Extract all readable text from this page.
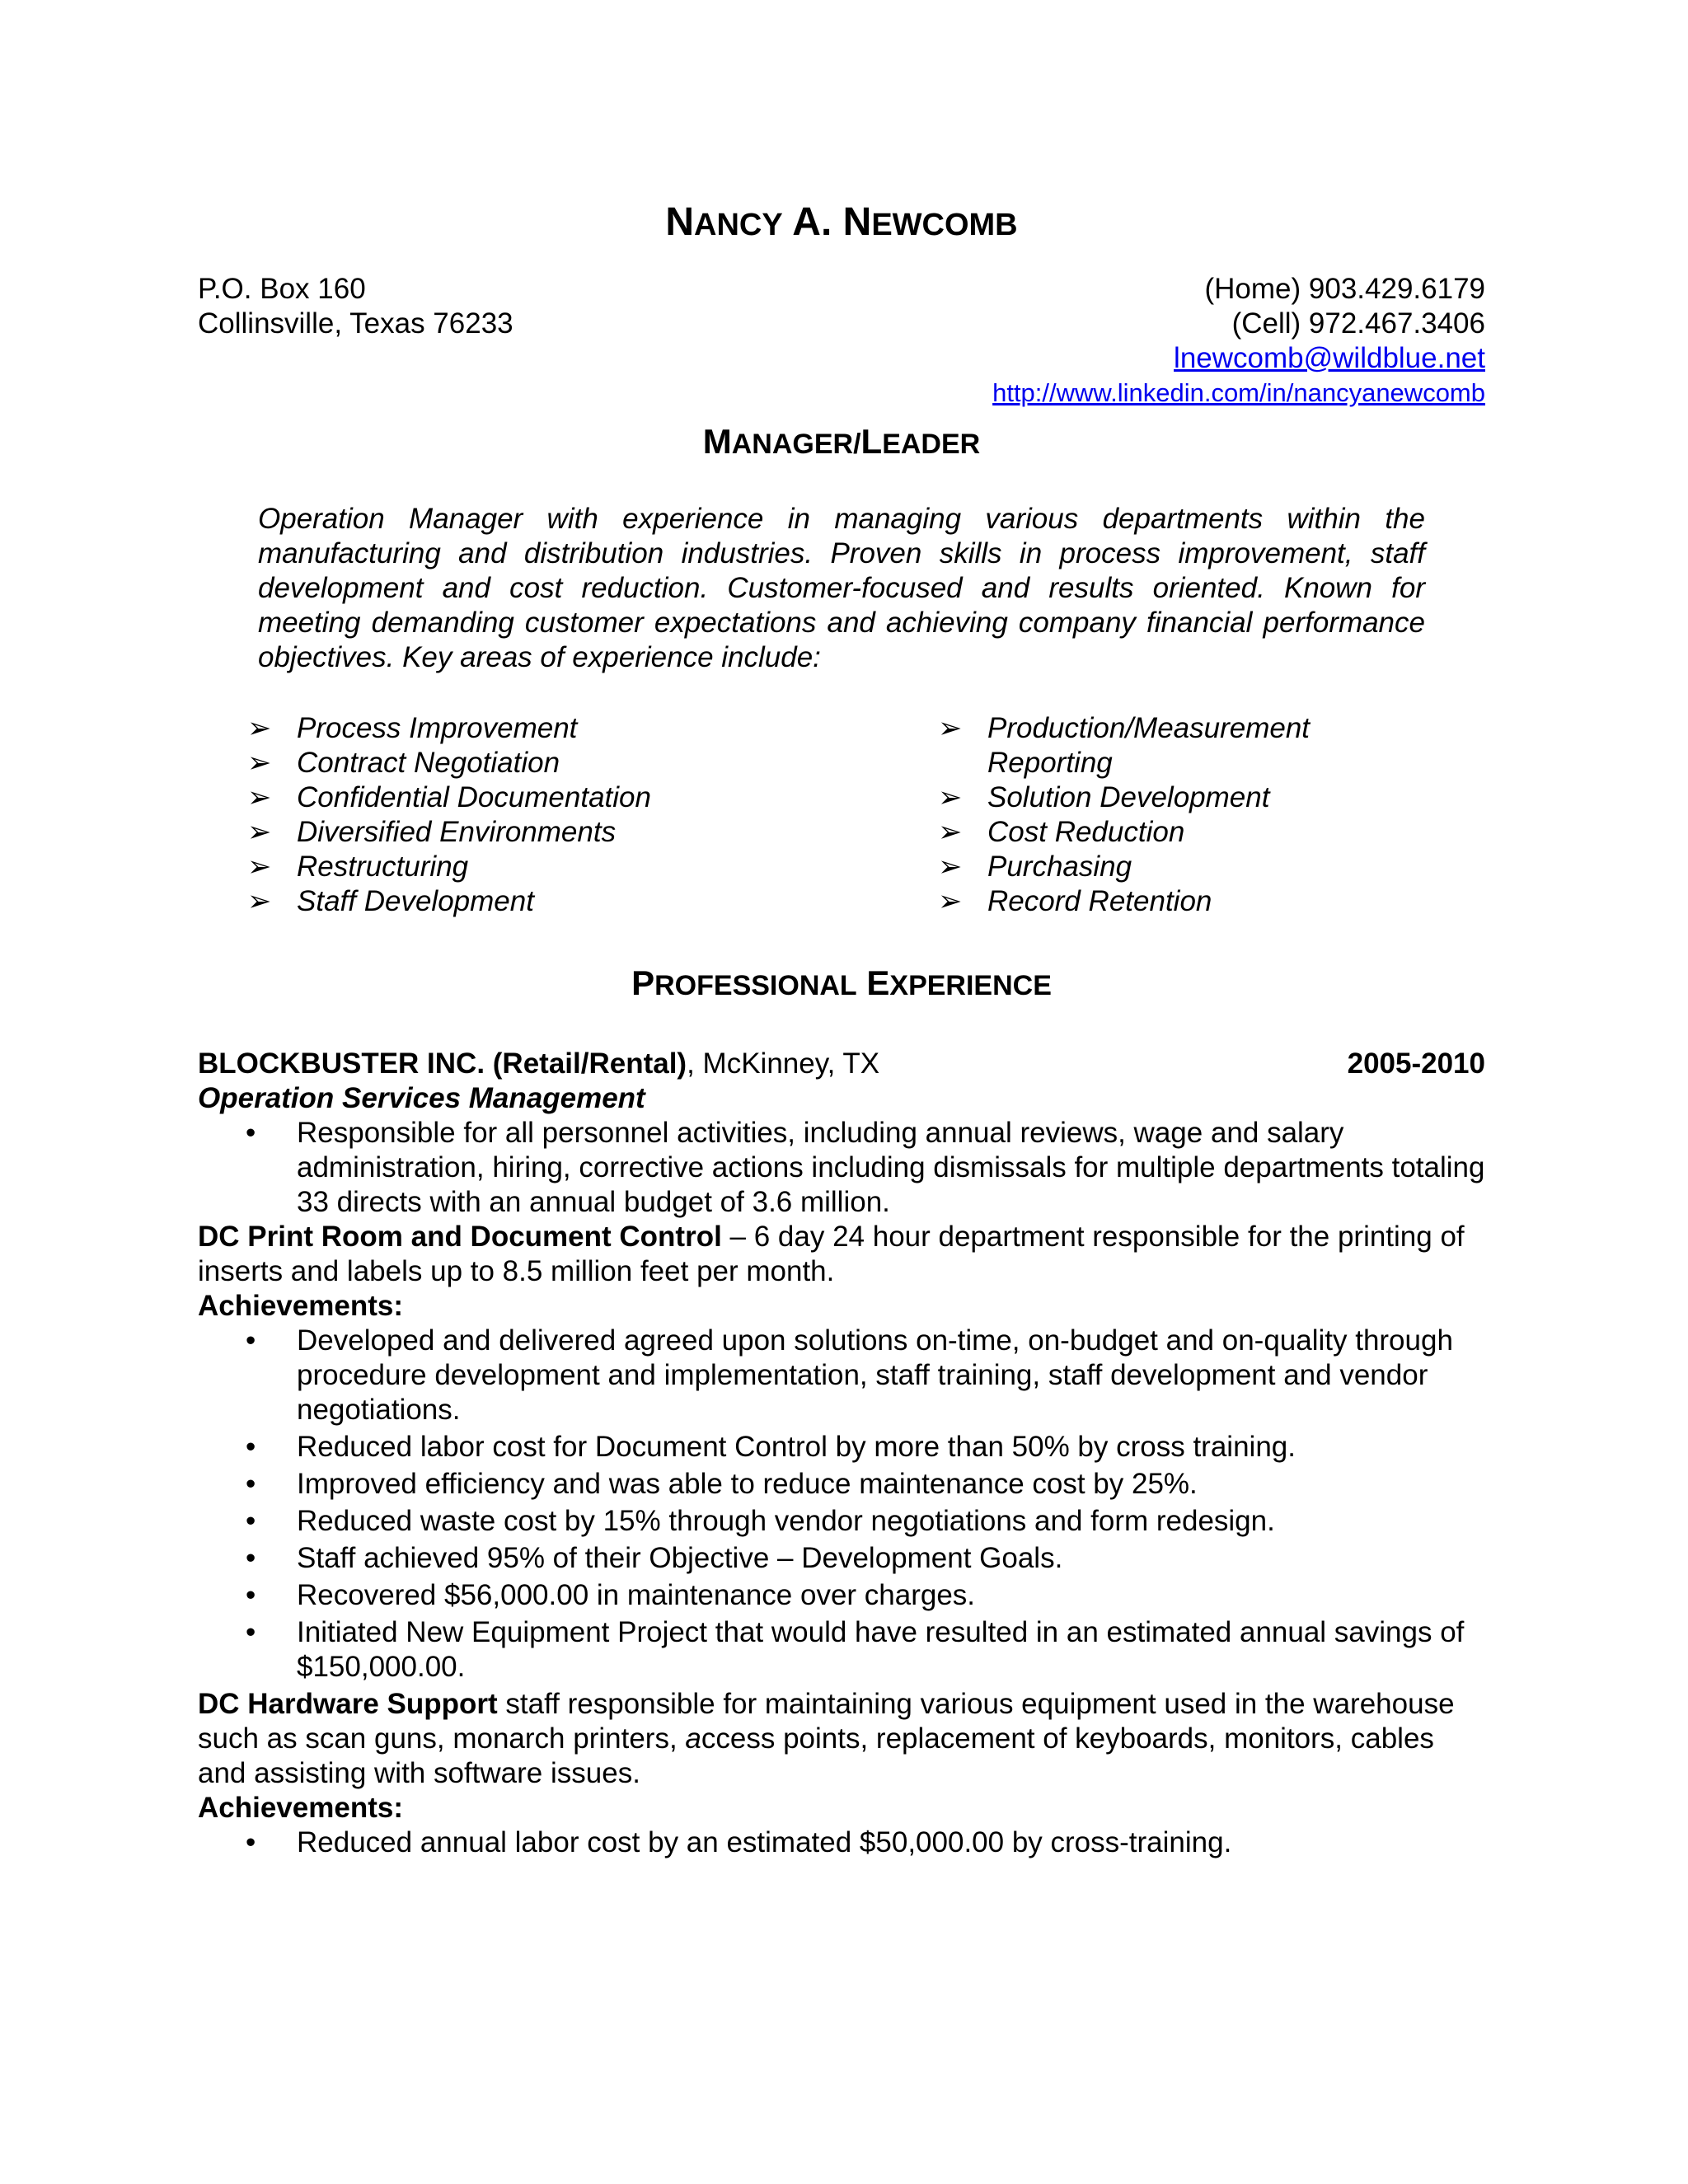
NANCY A. NEWCOMB
P.O. Box 160
Collinsville, Texas 76233
(Home) 903.429.6179
(Cell) 972.467.3406
lnewcomb@wildblue.net
http://www.linkedin.com/in/nancyanewcomb
MANAGER/LEADER

Operation Manager with experience in managing various departments within the manufacturing and distribution industries. Proven skills in process improvement, staff development and cost reduction. Customer-focused and results oriented. Known for meeting demanding customer expectations and achieving company financial performance objectives. Key areas of experience include:

➢ Process Improvement
➢ Contract Negotiation
➢ Confidential Documentation
➢ Diversified Environments
➢ Restructuring
➢ Staff Development
➢ Production/Measurement Reporting
➢ Solution Development
➢ Cost Reduction
➢ Purchasing
➢ Record Retention
PROFESSIONAL EXPERIENCE
BLOCKBUSTER INC. (Retail/Rental), McKinney, TX	2005-2010
Operation Services Management
• Responsible for all personnel activities, including annual reviews, wage and salary administration, hiring, corrective actions including dismissals for multiple departments totaling 33 directs with an annual budget of 3.6 million.
DC Print Room and Document Control – 6 day 24 hour department responsible for the printing of inserts and labels up to 8.5 million feet per month.
Achievements:
• Developed and delivered agreed upon solutions on-time, on-budget and on-quality through procedure development and implementation, staff training, staff development and vendor negotiations.
• Reduced labor cost for Document Control by more than 50% by cross training.
• Improved efficiency and was able to reduce maintenance cost by 25%.
• Reduced waste cost by 15% through vendor negotiations and form redesign.
• Staff achieved 95% of their Objective – Development Goals.
• Recovered $56,000.00 in maintenance over charges.
• Initiated New Equipment Project that would have resulted in an estimated annual savings of $150,000.00.
DC Hardware Support staff responsible for maintaining various equipment used in the warehouse such as scan guns, monarch printers, access points, replacement of keyboards, monitors, cables and assisting with software issues.
Achievements:
• Reduced annual labor cost by an estimated $50,000.00 by cross-training.
